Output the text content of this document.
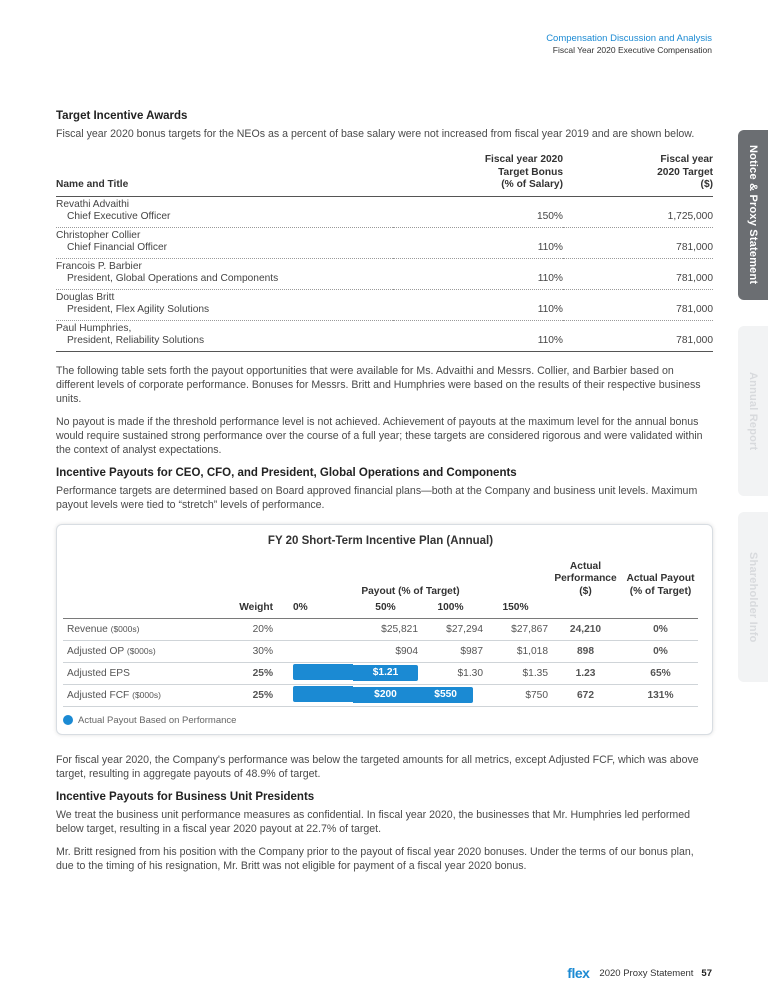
Compensation Discussion and Analysis
Fiscal Year 2020 Executive Compensation
Notice & Proxy Statement
Annual Report
Shareholder Info
Target Incentive Awards

Fiscal year 2020 bonus targets for the NEOs as a percent of base salary were not increased from fiscal year 2019 and are shown below.

Name and Title	Fiscal year 2020
Target Bonus
(% of Salary)	Fiscal year
2020 Target
($)

Revathi Advaithi
Chief Executive Officer	150%	1,725,000

Christopher Collier
Chief Financial Officer	110%	781,000

Francois P. Barbier
President, Global Operations and Components	110%	781,000

Douglas Britt
President, Flex Agility Solutions	110%	781,000

Paul Humphries,
President, Reliability Solutions	110%	781,000

The following table sets forth the payout opportunities that were available for Ms. Advaithi and Messrs. Collier, and Barbier based on different levels of corporate performance. Bonuses for Messrs. Britt and Humphries were based on the results of their respective business units.

No payout is made if the threshold performance level is not achieved. Achievement of payouts at the maximum level for the annual bonus would require sustained strong performance over the course of a full year; these targets are considered rigorous and were validated within the context of analyst expectations.

Incentive Payouts for CEO, CFO, and President, Global Operations and Components

Performance targets are determined based on Board approved financial plans—both at the Company and business unit levels. Maximum payout levels were tied to “stretch” levels of performance.

FY 20 Short-Term Incentive Plan (Annual)
		Payout (% of Target)				Actual
Performance
($)	Actual Payout
(% of Target)

	Weight	0%	50%	100%	150%		
Revenue ($000s)	20%		$25,821	$27,294	$27,867	24,210	0%
Adjusted OP ($000s)	30%		$904	$987	$1,018	898	0%
Adjusted EPS	25%		$1.21	$1.30	$1.35	1.23	65%
Adjusted FCF ($000s)	25%		$200	$550	$750	672	131%
Actual Payout Based on Performance

For fiscal year 2020, the Company's performance was below the targeted amounts for all metrics, except Adjusted FCF, which was above target, resulting in aggregate payouts of 48.9% of target.

Incentive Payouts for Business Unit Presidents

We treat the business unit performance measures as confidential. In fiscal year 2020, the businesses that Mr. Humphries led performed below target, resulting in a fiscal year 2020 payout at 22.7% of target.

Mr. Britt resigned from his position with the Company prior to the payout of fiscal year 2020 bonuses. Under the terms of our bonus plan, due to the timing of his resignation, Mr. Britt was not eligible for payment of a fiscal year 2020 bonus.

flex 2020 Proxy Statement 57
